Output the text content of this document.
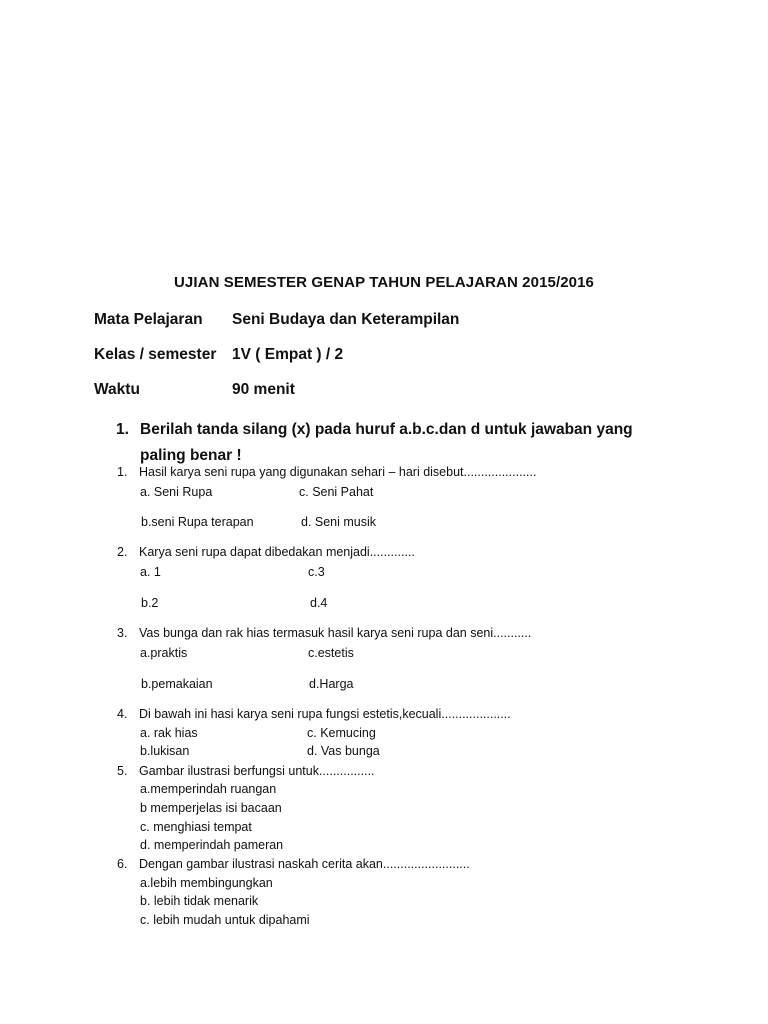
UJIAN SEMESTER GENAP TAHUN PELAJARAN 2015/2016
Mata Pelajaran Seni Budaya dan Keterampilan
Kelas / semester 1V ( Empat ) / 2
Waktu	90 menit
1. Berilah tanda silang (x) pada huruf a.b.c.dan d untuk jawaban yang paling benar !
1. Hasil karya seni rupa yang digunakan sehari – hari disebut.....................
a. Seni Rupa	c. Seni Pahat
b.seni Rupa terapan	d. Seni musik
2. Karya seni rupa dapat dibedakan menjadi.............
a. 1	c.3
b.2	d.4
3. Vas bunga dan rak hias termasuk hasil karya seni rupa dan seni...........
a.praktis	c.estetis
b.pemakaian	d.Harga
4. Di bawah ini hasi karya seni rupa fungsi estetis,kecuali....................
a. rak hias	c. Kemucing
b.lukisan	d. Vas bunga
5. Gambar ilustrasi berfungsi untuk................
a.memperindah ruangan
b memperjelas isi bacaan
c. menghiasi tempat
d. memperindah pameran
6. Dengan gambar ilustrasi naskah cerita akan.........................
a.lebih membingungkan
b. lebih tidak menarik
c. lebih mudah untuk dipahami
